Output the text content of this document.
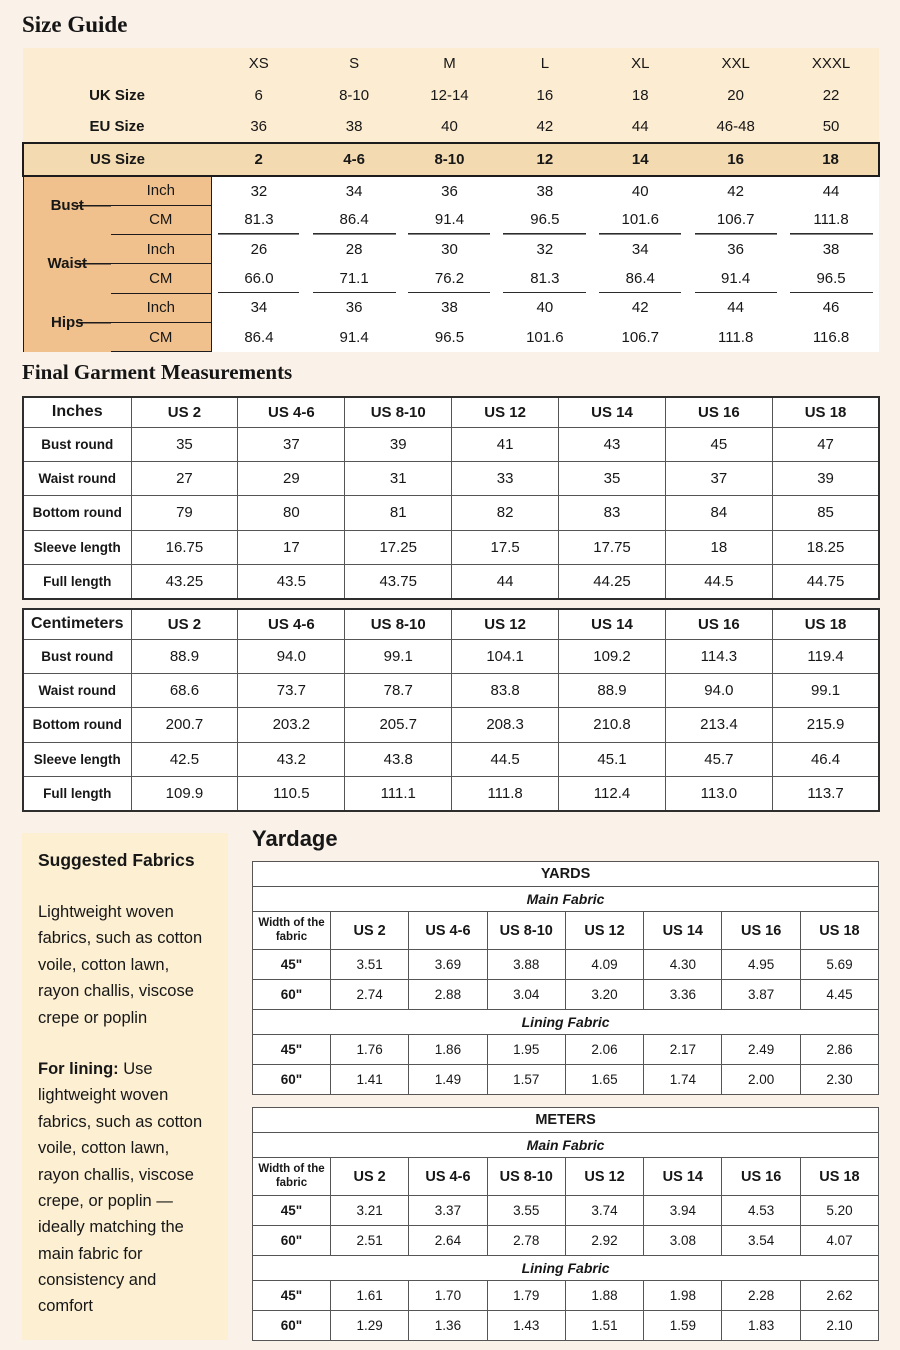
Size Guide
		XS	S	M	L	XL	XXL	XXXL
UK Size		6	8-10	12-14	16	18	20	22
EU Size		36	38	40	42	44	46-48	50
US Size		2	4-6	8-10	12	14	16	18
Bust	Inch	32	34	36	38	40	42	44
	CM	81.3	86.4	91.4	96.5	101.6	106.7	111.8
Waist	Inch	26	28	30	32	34	36	38
	CM	66.0	71.1	76.2	81.3	86.4	91.4	96.5
Hips	Inch	34	36	38	40	42	44	46
	CM	86.4	91.4	96.5	101.6	106.7	111.8	116.8
Final Garment Measurements
Inches	US 2	US 4-6	US 8-10	US 12	US 14	US 16	US 18
Bust round	35	37	39	41	43	45	47
Waist round	27	29	31	33	35	37	39
Bottom round	79	80	81	82	83	84	85
Sleeve length	16.75	17	17.25	17.5	17.75	18	18.25
Full length	43.25	43.5	43.75	44	44.25	44.5	44.75
Centimeters	US 2	US 4-6	US 8-10	US 12	US 14	US 16	US 18
Bust round	88.9	94.0	99.1	104.1	109.2	114.3	119.4
Waist round	68.6	73.7	78.7	83.8	88.9	94.0	99.1
Bottom round	200.7	203.2	205.7	208.3	210.8	213.4	215.9
Sleeve length	42.5	43.2	43.8	44.5	45.1	45.7	46.4
Full length	109.9	110.5	111.1	111.8	112.4	113.0	113.7
Suggested Fabrics

Lightweight woven fabrics, such as cotton voile, cotton lawn, rayon challis, viscose crepe or poplin

For lining: Use lightweight woven fabrics, such as cotton voile, cotton lawn, rayon challis, viscose crepe, or poplin — ideally matching the main fabric for consistency and comfort

Yardage
YARDS							
Main Fabric							
Width of the fabric	US 2	US 4-6	US 8-10	US 12	US 14	US 16	US 18
45"	3.51	3.69	3.88	4.09	4.30	4.95	5.69
60"	2.74	2.88	3.04	3.20	3.36	3.87	4.45
Lining Fabric							
45"	1.76	1.86	1.95	2.06	2.17	2.49	2.86
60"	1.41	1.49	1.57	1.65	1.74	2.00	2.30
METERS							
Main Fabric							
Width of the fabric	US 2	US 4-6	US 8-10	US 12	US 14	US 16	US 18
45"	3.21	3.37	3.55	3.74	3.94	4.53	5.20
60"	2.51	2.64	2.78	2.92	3.08	3.54	4.07
Lining Fabric							
45"	1.61	1.70	1.79	1.88	1.98	2.28	2.62
60"	1.29	1.36	1.43	1.51	1.59	1.83	2.10
